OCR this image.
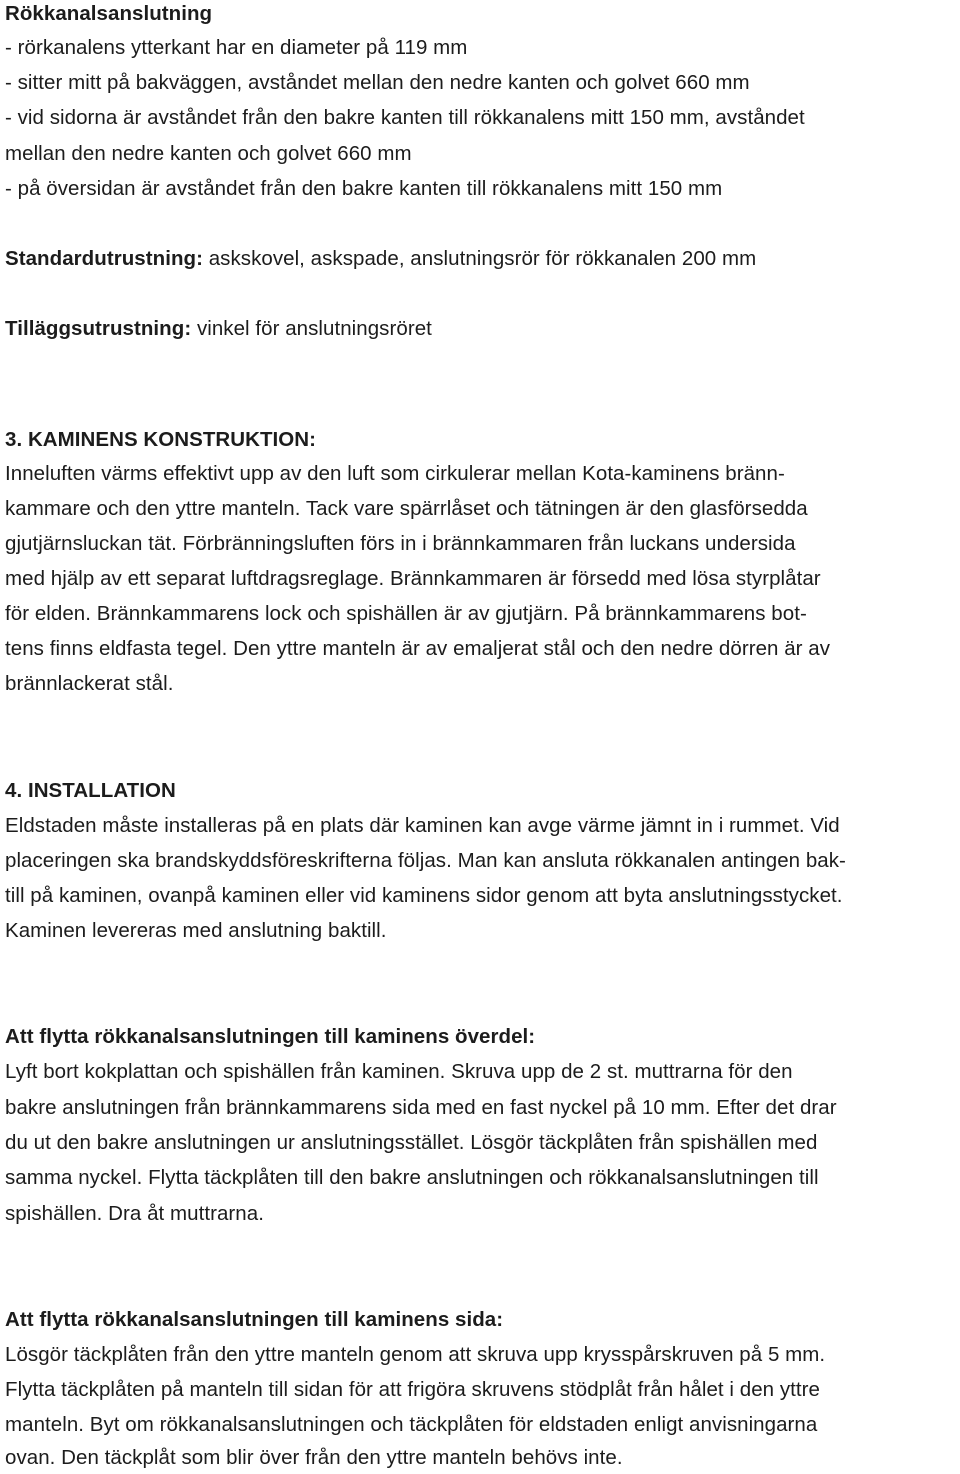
Rökkanalsanslutning
- rörkanalens ytterkant har en diameter på 119 mm
- sitter mitt på bakväggen, avståndet mellan den nedre kanten och golvet 660 mm
- vid sidorna är avståndet från den bakre kanten till rökkanalens mitt 150 mm, avståndet
mellan den nedre kanten och golvet 660 mm
- på översidan är avståndet från den bakre kanten till rökkanalens mitt 150 mm
Standardutrustning: askskovel, askspade, anslutningsrör för rökkanalen 200 mm
Tilläggsutrustning: vinkel för anslutningsröret
3. KAMINENS KONSTRUKTION:
Inneluften värms effektivt upp av den luft som cirkulerar mellan Kota-kaminens bränn-
kammare och den yttre manteln. Tack vare spärrlåset och tätningen är den glasförsedda
gjutjärnsluckan tät. Förbränningsluften förs in i brännkammaren från luckans undersida
med hjälp av ett separat luftdragsreglage. Brännkammaren är försedd med lösa styrplåtar
för elden. Brännkammarens lock och spishällen är av gjutjärn. På brännkammarens bot-
tens finns eldfasta tegel. Den yttre manteln är av emaljerat stål och den nedre dörren är av
brännlackerat stål.
4. INSTALLATION
Eldstaden måste installeras på en plats där kaminen kan avge värme jämnt in i rummet. Vid
placeringen ska brandskyddsföreskrifterna följas. Man kan ansluta rökkanalen antingen bak-
till på kaminen, ovanpå kaminen eller vid kaminens sidor genom att byta anslutningsstycket.
Kaminen levereras med anslutning baktill.
Att flytta rökkanalsanslutningen till kaminens överdel:
Lyft bort kokplattan och spishällen från kaminen. Skruva upp de 2 st. muttrarna för den
bakre anslutningen från brännkammarens sida med en fast nyckel på 10 mm. Efter det drar
du ut den bakre anslutningen ur anslutningsstället. Lösgör täckplåten från spishällen med
samma nyckel. Flytta täckplåten till den bakre anslutningen och rökkanalsanslutningen till
spishällen. Dra åt muttrarna.
Att flytta rökkanalsanslutningen till kaminens sida:
Lösgör täckplåten från den yttre manteln genom att skruva upp krysspårskruven på 5 mm.
Flytta täckplåten på manteln till sidan för att frigöra skruvens stödplåt från hålet i den yttre
manteln. Byt om rökkanalsanslutningen och täckplåten för eldstaden enligt anvisningarna
ovan. Den täckplåt som blir över från den yttre manteln behövs inte.
